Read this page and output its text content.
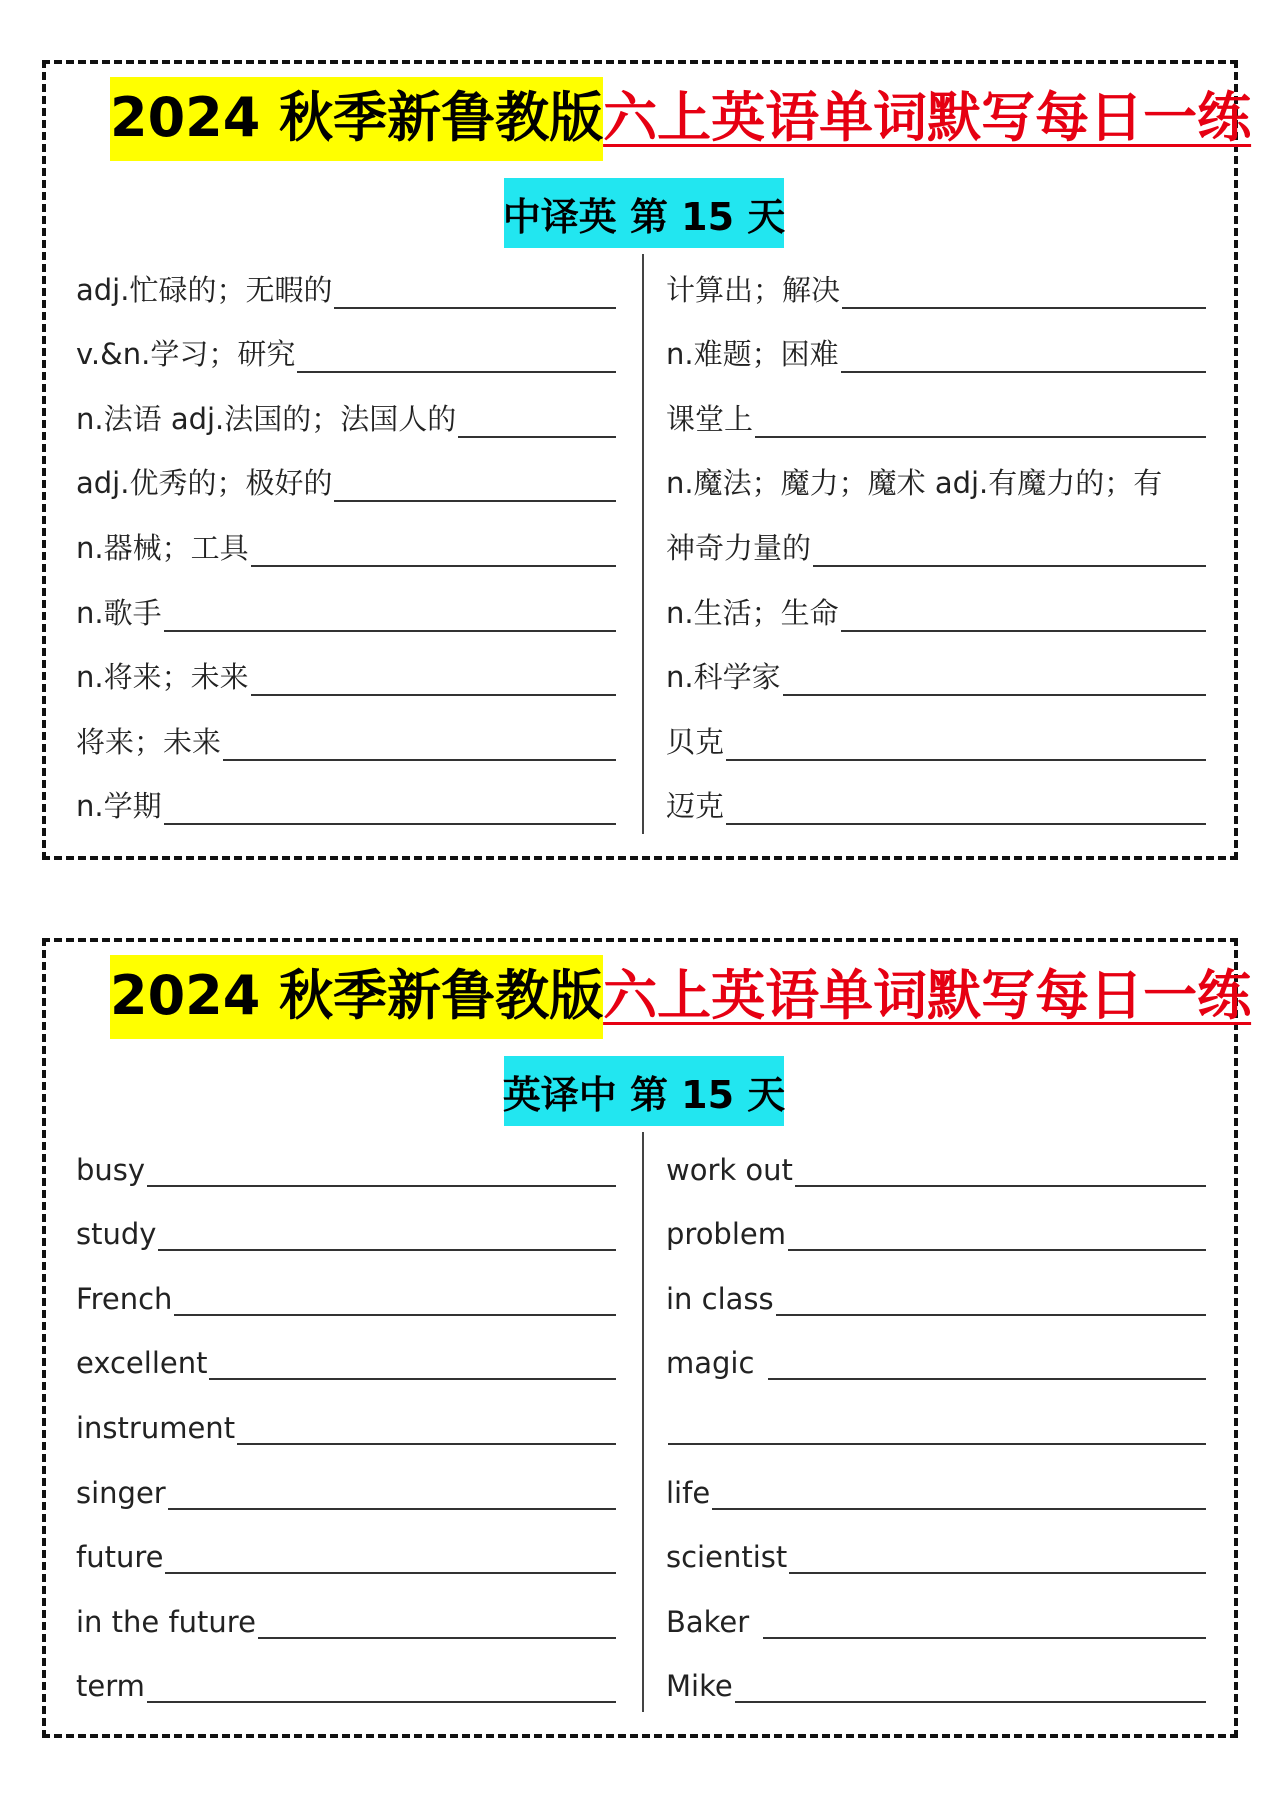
2024 秋季新鲁教版 六上英语单词默写每日一练
中译英 第 15 天
adj.忙碌的；无暇的
v.&n.学习；研究
n.法语 adj.法国的；法国人的
adj.优秀的；极好的
n.器械；工具
n.歌手
n.将来；未来
将来；未来
n.学期
计算出；解决
n.难题；困难
课堂上
n.魔法；魔力；魔术 adj.有魔力的；有
神奇力量的
n.生活；生命
n.科学家
贝克
迈克
2024 秋季新鲁教版 六上英语单词默写每日一练
英译中 第 15 天
busy
study
French
excellent
instrument
singer
future
in the future
term
work out
problem
in class
magic
life
scientist
Baker
Mike
